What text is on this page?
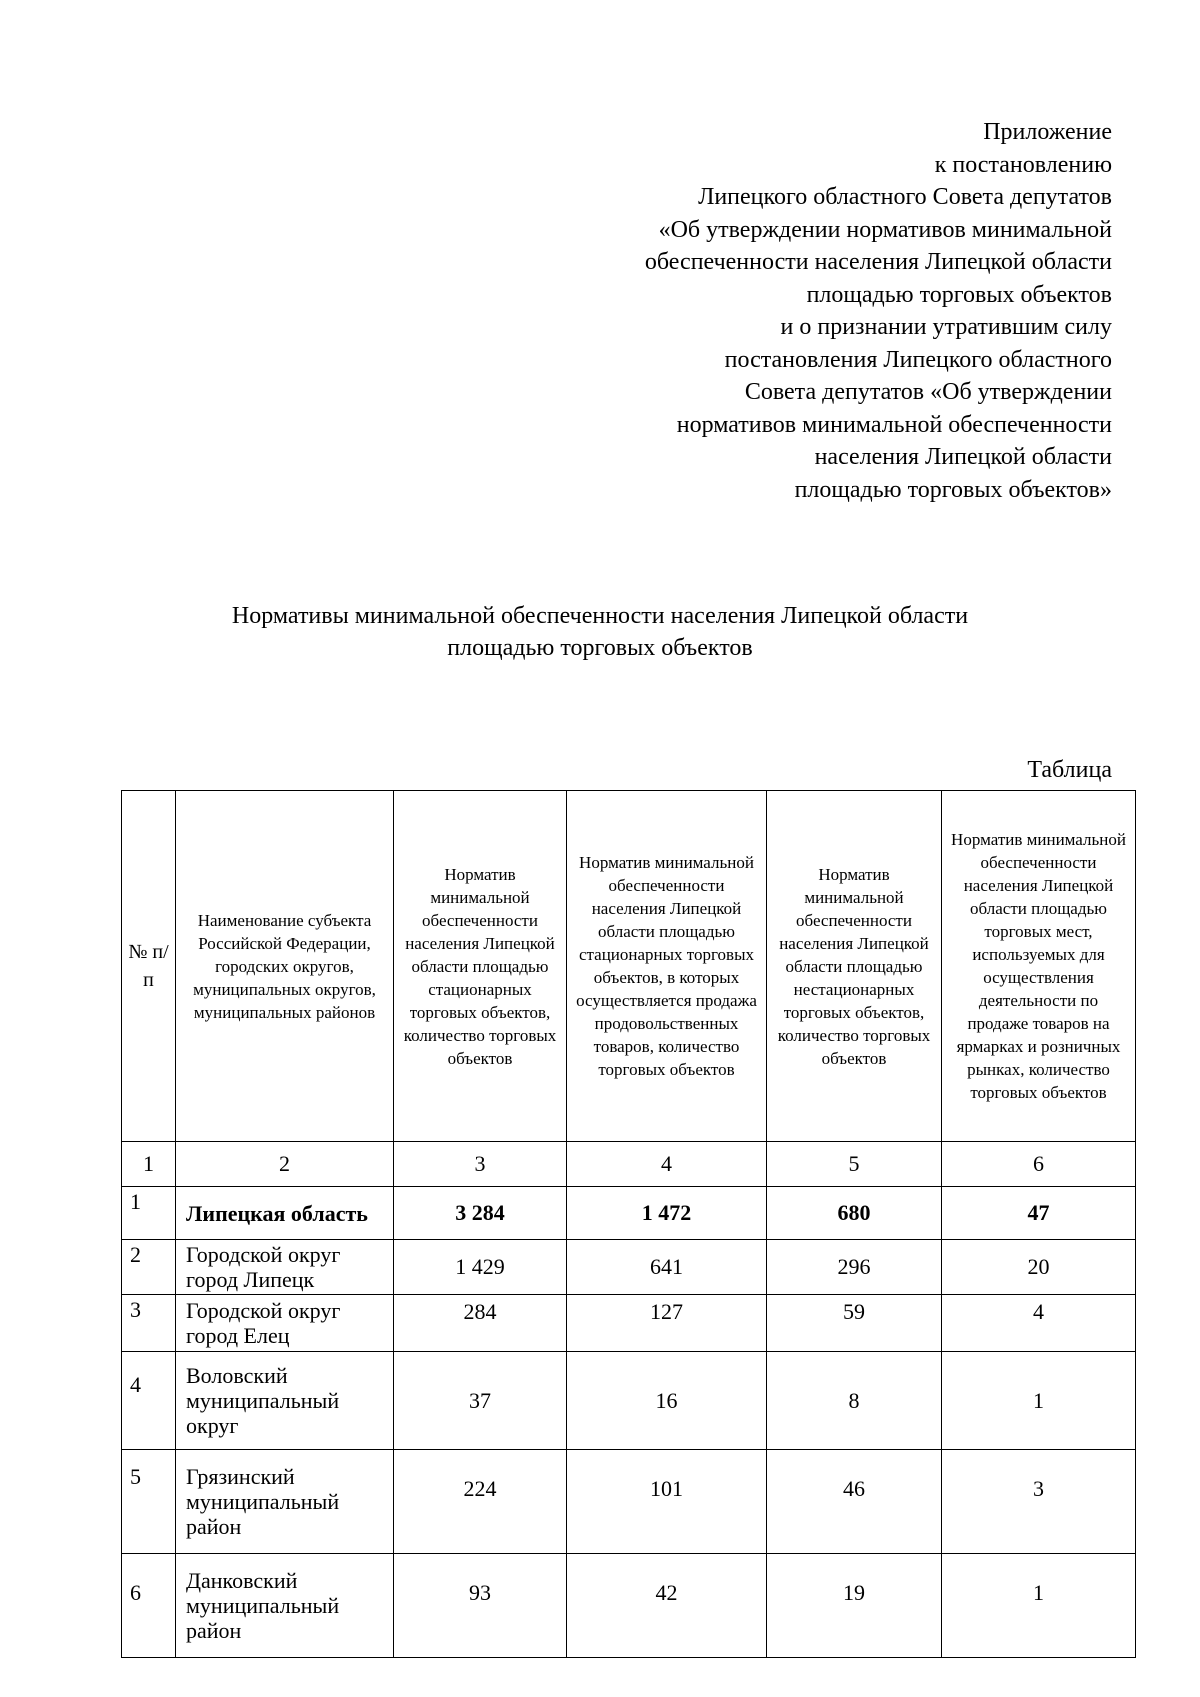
Приложение
к постановлению
Липецкого областного Совета депутатов
«Об утверждении нормативов минимальной
обеспеченности населения Липецкой области
площадью торговых объектов
и о признании утратившим силу
постановления Липецкого областного
Совета депутатов «Об утверждении
нормативов минимальной обеспеченности
населения Липецкой области
площадью торговых объектов»
Нормативы минимальной обеспеченности населения Липецкой области
площадью торговых объектов
Таблица
№ п/п	Наименование субъекта Российской Федерации, городских округов, муниципальных округов, муниципальных районов	Норматив минимальной обеспеченности населения Липецкой области площадью стационарных торговых объектов, количество торговых объектов	Норматив минимальной обеспеченности населения Липецкой области площадью стационарных торговых объектов, в которых осуществляется продажа продовольственных товаров, количество торговых объектов	Норматив минимальной обеспеченности населения Липецкой области площадью нестационарных торговых объектов, количество торговых объектов	Норматив минимальной обеспеченности населения Липецкой области площадью торговых мест, используемых для осуществления деятельности по продаже товаров на ярмарках и розничных рынках, количество торговых объектов
1	2	3	4	5	6
1	Липецкая область	3 284	1 472	680	47
2	Городской округ город Липецк	1 429	641	296	20
3	Городской округ город Елец	284	127	59	4
4	Воловский муниципальный округ	37	16	8	1
5	Грязинский муниципальный район	224	101	46	3
6	Данковский муниципальный район	93	42	19	1
